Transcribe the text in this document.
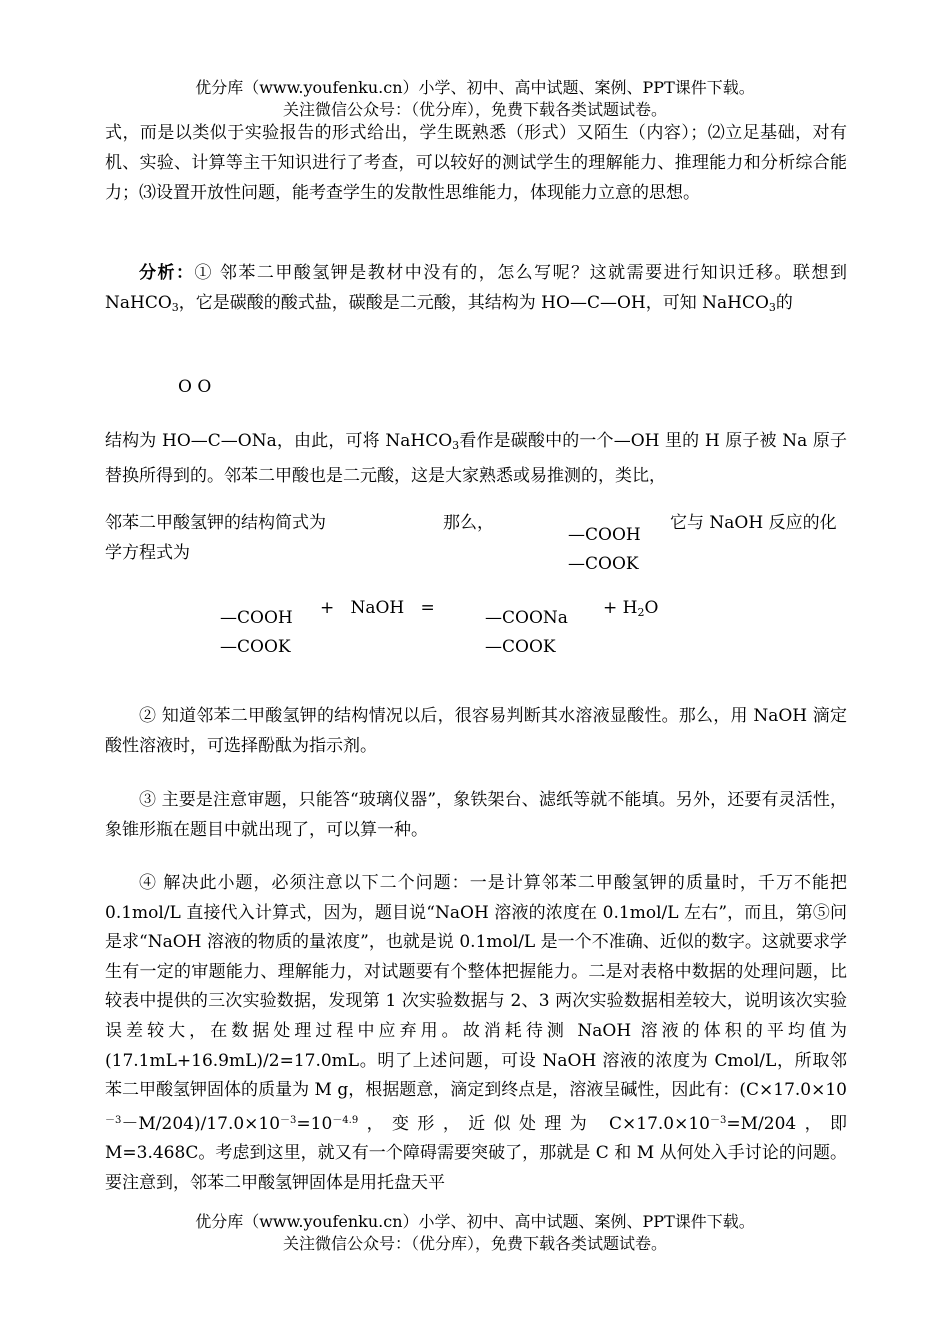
优分库（www.youfenku.cn）小学、初中、高中试题、案例、PPT课件下载。
关注微信公众号：（优分库），免费下载各类试题试卷。
式，而是以类似于实验报告的形式给出，学生既熟悉（形式）又陌生（内容）；⑵立足基础，对有机、实验、计算等主干知识进行了考查，可以较好的测试学生的理解能力、推理能力和分析综合能力；⑶设置开放性问题，能考查学生的发散性思维能力，体现能力立意的思想。
分析：① 邻苯二甲酸氢钾是教材中没有的，怎么写呢？这就需要进行知识迁移。联想到 NaHCO$_3$，它是碳酸的酸式盐，碳酸是二元酸，其结构为 HO—C—OH，可知 NaHCO$_3$的
O O
结构为 HO—C—ONa，由此，可将 NaHCO$_3$看作是碳酸中的一个—OH 里的 H 原子被 Na 原子替换所得到的。邻苯二甲酸也是二元酸，这是大家熟悉或易推测的，类比，
邻苯二甲酸氢钾的结构简式为	那么，
—COOH
—COOK
它与 NaOH 反应的化
学方程式为
—COOH
—COOK
+   NaOH   =	—COONa
—COOK
+ $H_2O$
② 知道邻苯二甲酸氢钾的结构情况以后，很容易判断其水溶液显酸性。那么，用 NaOH 滴定酸性溶液时，可选择酚酞为指示剂。
③ 主要是注意审题，只能答“玻璃仪器”，象铁架台、滤纸等就不能填。另外，还要有灵活性，象锥形瓶在题目中就出现了，可以算一种。
④ 解决此小题，必须注意以下二个问题：一是计算邻苯二甲酸氢钾的质量时，千万不能把 0.1mol/L 直接代入计算式，因为，题目说“NaOH 溶液的浓度在 0.1mol/L 左右”，而且，第⑤问是求“NaOH 溶液的物质的量浓度”，也就是说 0.1mol/L 是一个不准确、近似的数字。这就要求学生有一定的审题能力、理解能力，对试题要有个整体把握能力。二是对表格中数据的处理问题，比较表中提供的三次实验数据，发现第 1 次实验数据与 2、3 两次实验数据相差较大，说明该次实验误差较大，在数据处理过程中应弃用。故消耗待测 NaOH 溶液的体积的平均值为 (17.1mL+16.9mL)/2=17.0mL。明了上述问题，可设 NaOH 溶液的浓度为 Cmol/L，所取邻苯二甲酸氢钾固体的质量为 M g，根据题意，滴定到终点是，溶液呈碱性，因此有：$(C\times 17.0\times 10^{-3}-M/204)/17.0\times 10^{-3}=10^{-4.9}$，变形，近似处理为 $C\times 17.0\times 10^{-3}=M/204$，即 M=3.468C。考虑到这里，就又有一个障碍需要突破了，那就是 C 和 M 从何处入手讨论的问题。要注意到，邻苯二甲酸氢钾固体是用托盘天平
优分库（www.youfenku.cn）小学、初中、高中试题、案例、PPT课件下载。
关注微信公众号：（优分库），免费下载各类试题试卷。
